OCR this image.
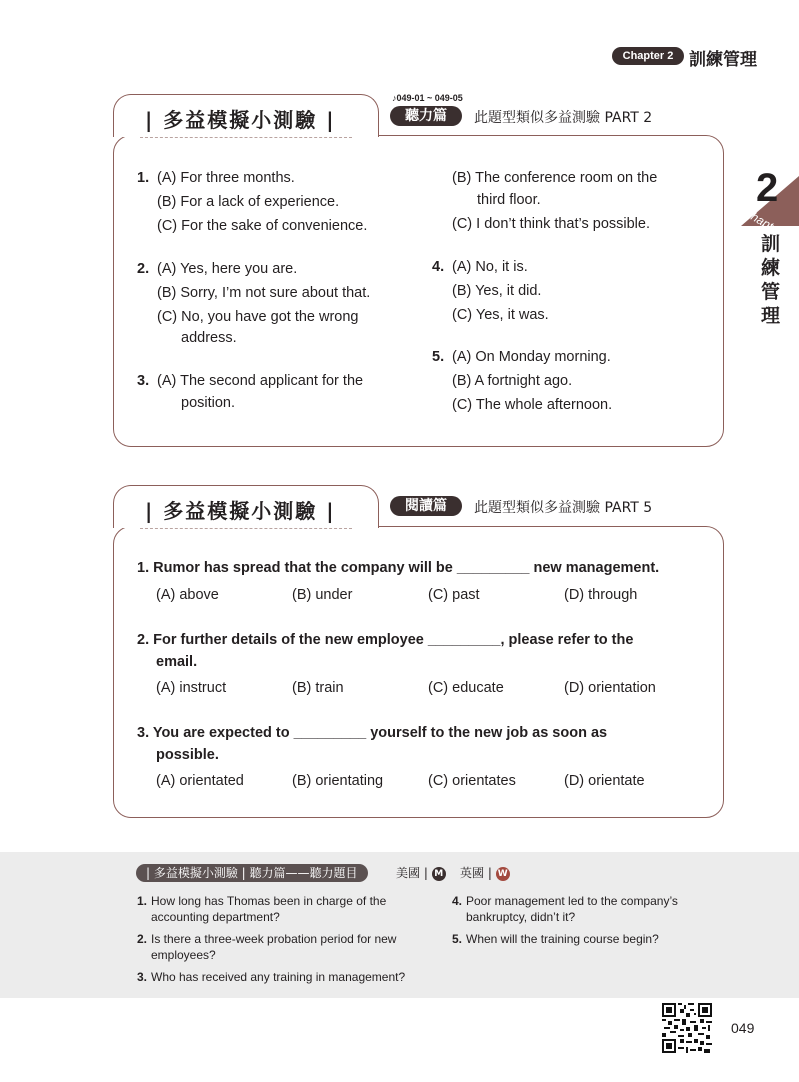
Chapter 2 訓練管理
2
Chapter
訓練管理
| 多益模擬小測驗 |
♪049-01 ~ 049-05
聽力篇	此題型類似多益測驗 PART 2
1. (A) For three months.
(B) For a lack of experience.
(C) For the sake of convenience.
2. (A) Yes, here you are.
(B) Sorry, I’m not sure about that.
(C) No, you have got the wrong
address.
3. (A) The second applicant for the
position.
(B) The conference room on the
third floor.
(C) I don’t think that’s possible.
4. (A) No, it is.
(B) Yes, it did.
(C) Yes, it was.
5. (A) On Monday morning.
(B) A fortnight ago.
(C) The whole afternoon.
| 多益模擬小測驗 |	閱讀篇	此題型類似多益測驗 PART 5
1. Rumor has spread that the company will be _________ new management.
(A) above	(B) under	(C) past	(D) through
2. For further details of the new employee _________, please refer to the
email.
(A) instruct	(B) train	(C) educate	(D) orientation
3. You are expected to _________ yourself to the new job as soon as
possible.
(A) orientated	(B) orientating	(C) orientates	(D) orientate
| 多益模擬小測驗 | 聽力篇——聽力題目	美國 | M 英國 | W
1. How long has Thomas been in charge of the
accounting department?
2. Is there a three-week probation period for new
employees?
3. Who has received any training in management?
4. Poor management led to the company’s
bankruptcy, didn’t it?
5. When will the training course begin?
049
